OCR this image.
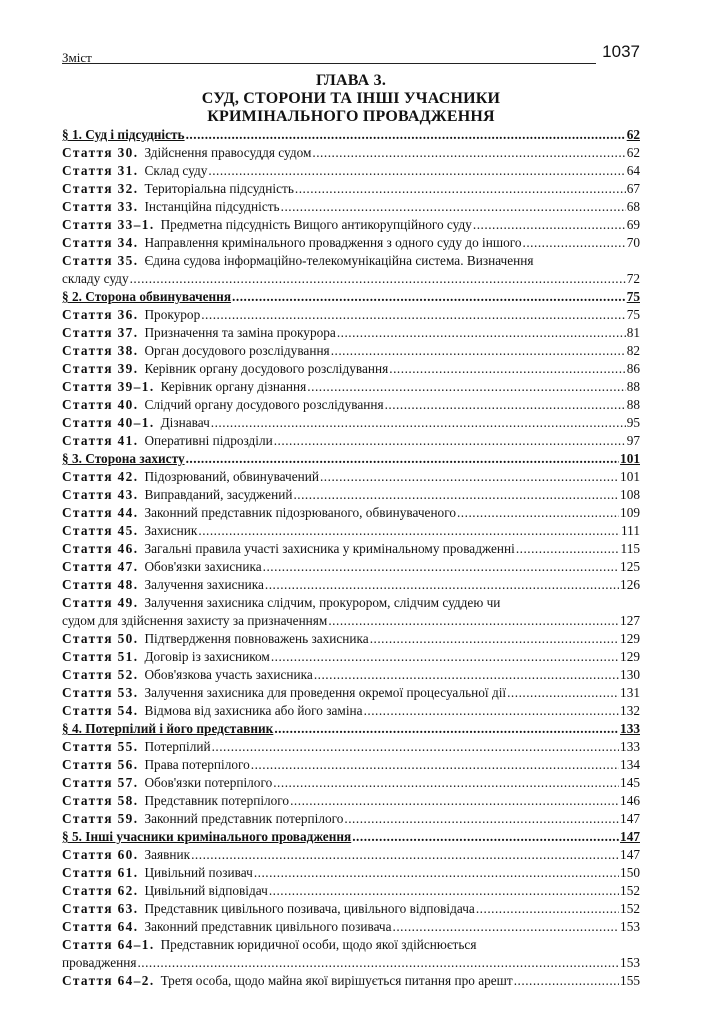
Зміст	1037
ГЛАВА 3.
СУД, СТОРОНИ ТА ІНШІ УЧАСНИКИ
КРИМІНАЛЬНОГО ПРОВАДЖЕННЯ
§ 1. Суд і підсудність .....	62
Стаття 30. Здійснення правосуддя судом .....	62
Стаття 31. Склад суду .....	64
Стаття 32. Територіальна підсудність .....	67
Стаття 33. Інстанційна підсудність .....	68
Стаття 33–1. Предметна підсудність Вищого антикорупційного суду .....	69
Стаття 34. Направлення кримінального провадження з одного суду до іншого .....	70
Стаття 35. Єдина судова інформаційно-телекомунікаційна система. Визначення
складу суду .....	72
§ 2. Сторона обвинувачення .....	75
Стаття 36. Прокурор .....	75
Стаття 37. Призначення та заміна прокурора .....	81
Стаття 38. Орган досудового розслідування .....	82
Стаття 39. Керівник органу досудового розслідування .....	86
Стаття 39–1. Керівник органу дізнання .....	88
Стаття 40. Слідчий органу досудового розслідування .....	88
Стаття 40–1. Дізнавач .....	95
Стаття 41. Оперативні підрозділи .....	97
§ 3. Сторона захисту .....	101
Стаття 42. Підозрюваний, обвинувачений .....	101
Стаття 43. Виправданий, засуджений .....	108
Стаття 44. Законний представник підозрюваного, обвинуваченого .....	109
Стаття 45. Захисник .....	111
Стаття 46. Загальні правила участі захисника у кримінальному провадженні .....	115
Стаття 47. Обов'язки захисника .....	125
Стаття 48. Залучення захисника .....	126
Стаття 49. Залучення захисника слідчим, прокурором, слідчим суддею чи
судом для здійснення захисту за призначенням .....	127
Стаття 50. Підтвердження повноважень захисника .....	129
Стаття 51. Договір із захисником .....	129
Стаття 52. Обов'язкова участь захисника .....	130
Стаття 53. Залучення захисника для проведення окремої процесуальної дії .....	131
Стаття 54. Відмова від захисника або його заміна .....	132
§ 4. Потерпілий і його представник .....	133
Стаття 55. Потерпілий .....	133
Стаття 56. Права потерпілого .....	134
Стаття 57. Обов'язки потерпілого .....	145
Стаття 58. Представник потерпілого .....	146
Стаття 59. Законний представник потерпілого .....	147
§ 5. Інші учасники кримінального провадження .....	147
Стаття 60. Заявник .....	147
Стаття 61. Цивільний позивач .....	150
Стаття 62. Цивільний відповідач .....	152
Стаття 63. Представник цивільного позивача, цивільного відповідача .....	152
Стаття 64. Законний представник цивільного позивача .....	153
Стаття 64–1. Представник юридичної особи, щодо якої здійснюється
провадження .....	153
Стаття 64–2. Третя особа, щодо майна якої вирішується питання про арешт .....	155
